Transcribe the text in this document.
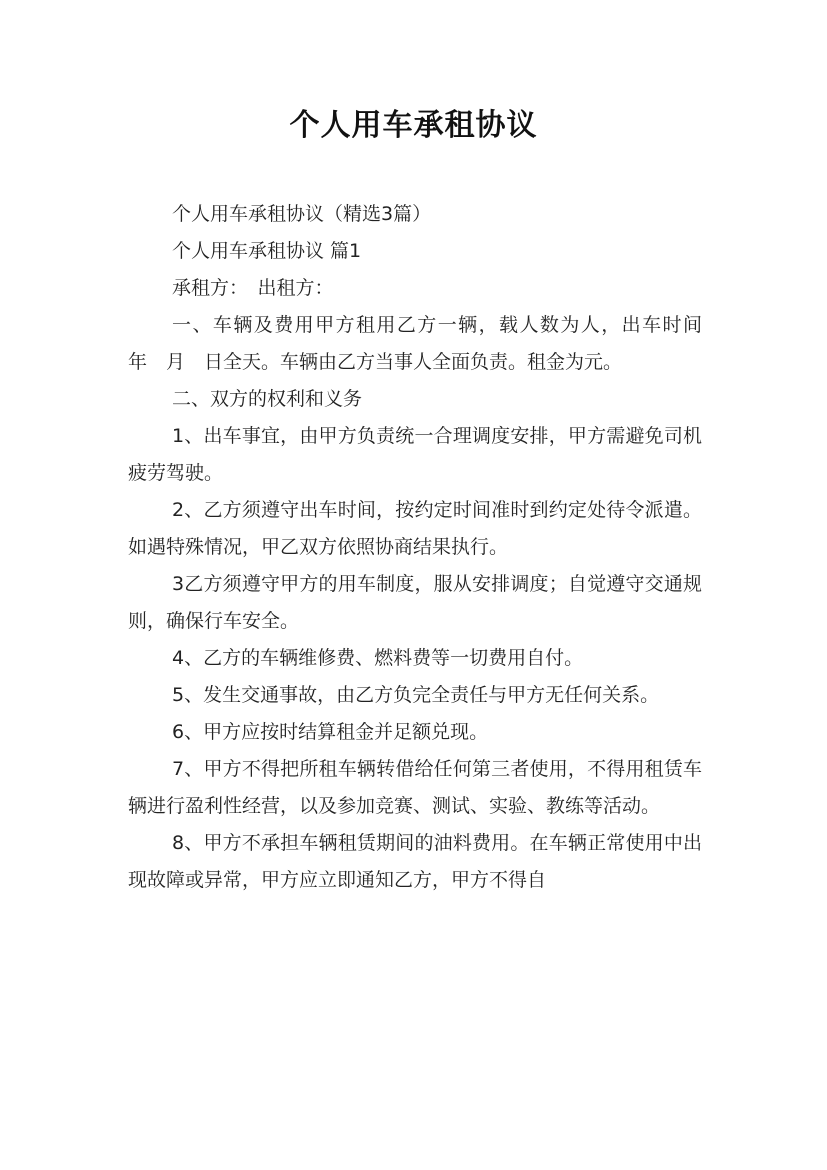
个人用车承租协议

个人用车承租协议（精选3篇）

个人用车承租协议 篇1

承租方：　出租方：

一、车辆及费用甲方租用乙方一辆，载人数为人，出车时间　年　月　日全天。车辆由乙方当事人全面负责。租金为元。

二、双方的权利和义务

1、出车事宜，由甲方负责统一合理调度安排，甲方需避免司机疲劳驾驶。

2、乙方须遵守出车时间，按约定时间准时到约定处待令派遣。如遇特殊情况，甲乙双方依照协商结果执行。

3乙方须遵守甲方的用车制度，服从安排调度；自觉遵守交通规则，确保行车安全。

4、乙方的车辆维修费、燃料费等一切费用自付。

5、发生交通事故，由乙方负完全责任与甲方无任何关系。

6、甲方应按时结算租金并足额兑现。

7、甲方不得把所租车辆转借给任何第三者使用，不得用租赁车辆进行盈利性经营，以及参加竞赛、测试、实验、教练等活动。

8、甲方不承担车辆租赁期间的油料费用。在车辆正常使用中出现故障或异常，甲方应立即通知乙方，甲方不得自
